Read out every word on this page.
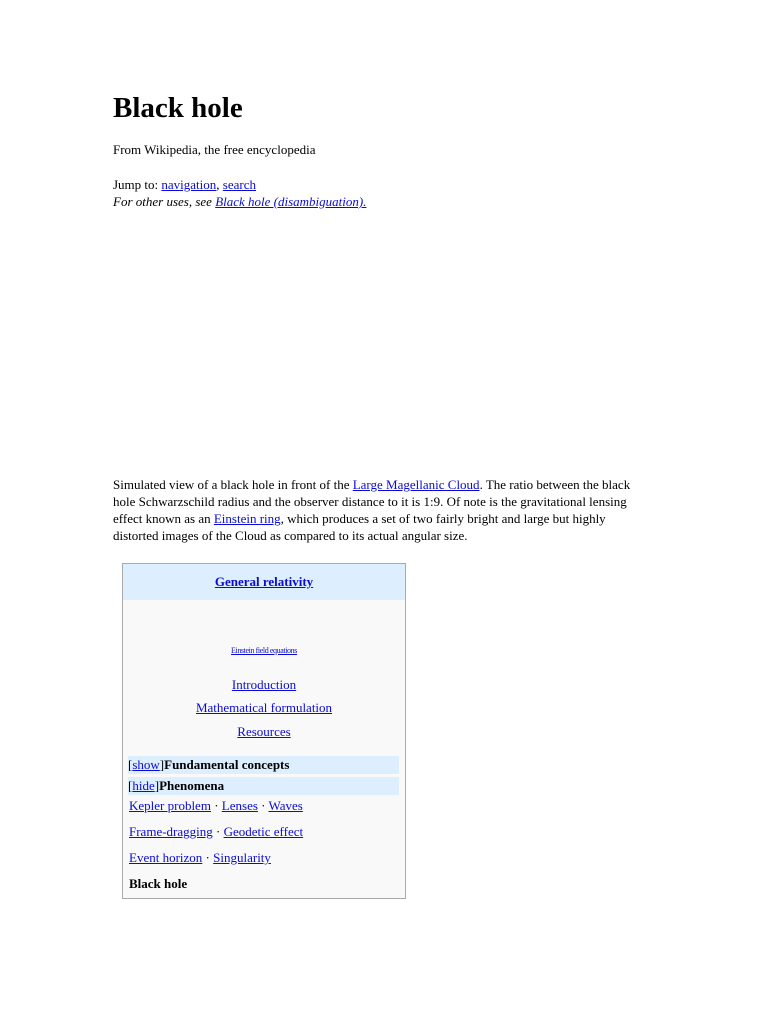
Black hole
From Wikipedia, the free encyclopedia
Jump to: navigation, search
For other uses, see Black hole (disambiguation).

Simulated view of a black hole in front of the Large Magellanic Cloud. The ratio between the black hole Schwarzschild radius and the observer distance to it is 1:9. Of note is the gravitational lensing effect known as an Einstein ring, which produces a set of two fairly bright and large but highly distorted images of the Cloud as compared to its actual angular size.

General relativity
Einstein field equations
Introduction
Mathematical formulation
Resources
[show]Fundamental concepts
[hide]Phenomena
Kepler problem · Lenses · Waves
Frame-dragging · Geodetic effect
Event horizon · Singularity
Black hole
